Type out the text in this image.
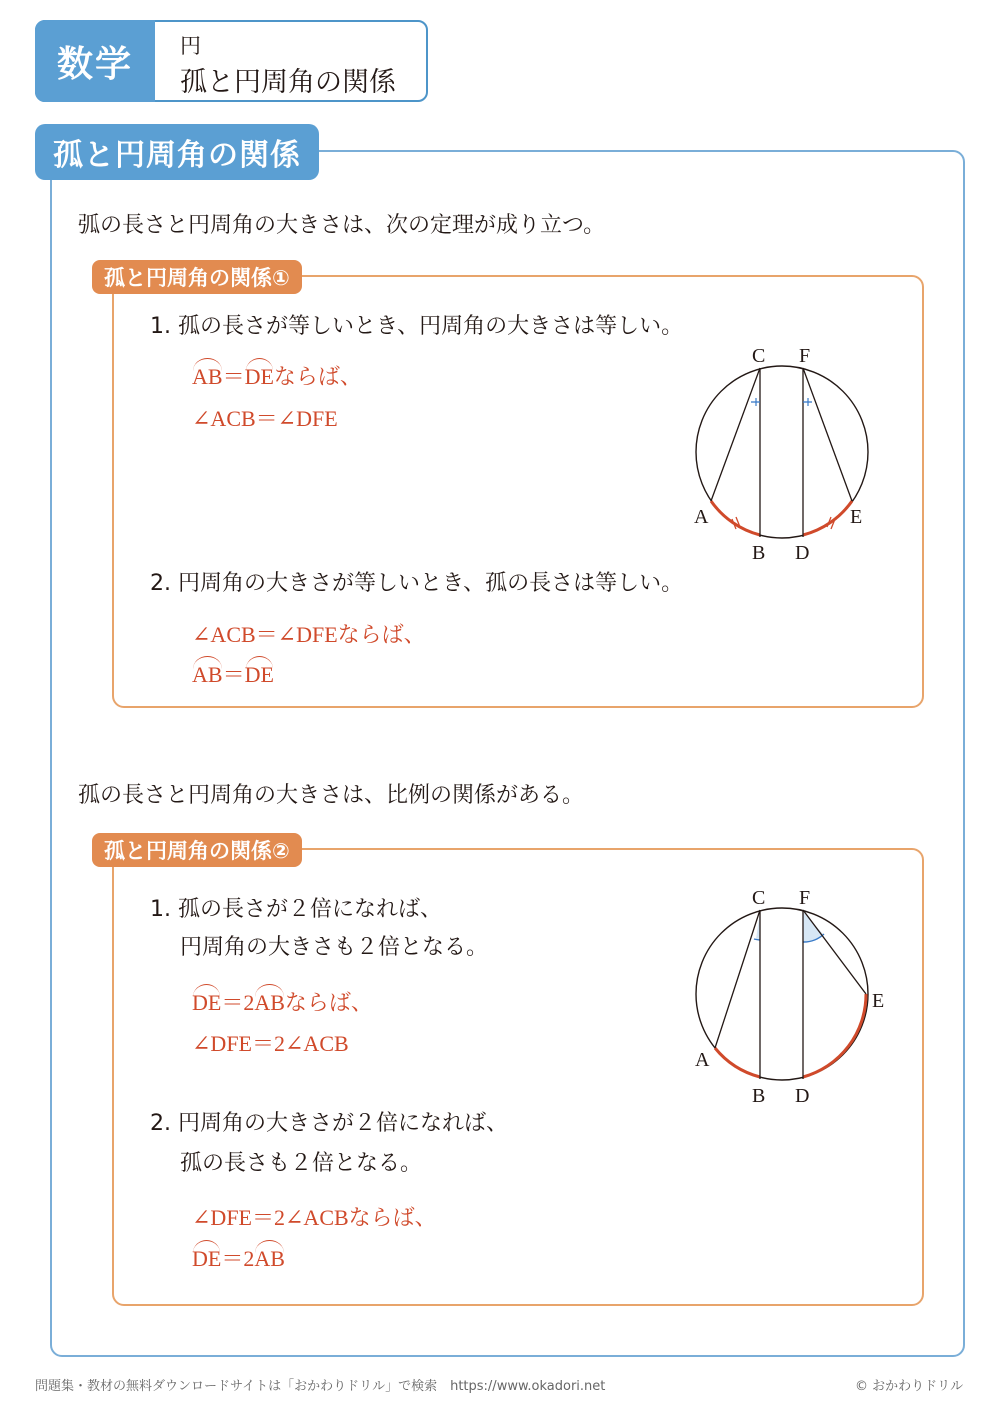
数学	円
孤と円周角の関係
孤と円周角の関係
弧の長さと円周角の大きさは、次の定理が成り立つ。
孤と円周角の関係①
1. 孤の長さが等しいとき、円周角の大きさは等しい。
AB＝DEならば、
∠ACB＝∠DFE
C F
A	E
B D
2. 円周角の大きさが等しいとき、孤の長さは等しい。
∠ACB＝∠DFEならば、
AB＝DE
孤の長さと円周角の大きさは、比例の関係がある。
孤と円周角の関係②
1. 孤の長さが２倍になれば、
円周角の大きさも２倍となる。
DE＝2ABならば、
∠DFE＝2∠ACB
C F
A
E
B D
2. 円周角の大きさが２倍になれば、
孤の長さも２倍となる。
∠DFE＝2∠ACBならば、
DE＝2AB
問題集・教材の無料ダウンロードサイトは「おかわりドリル」で検索　https://www.okadori.net	© おかわりドリル
